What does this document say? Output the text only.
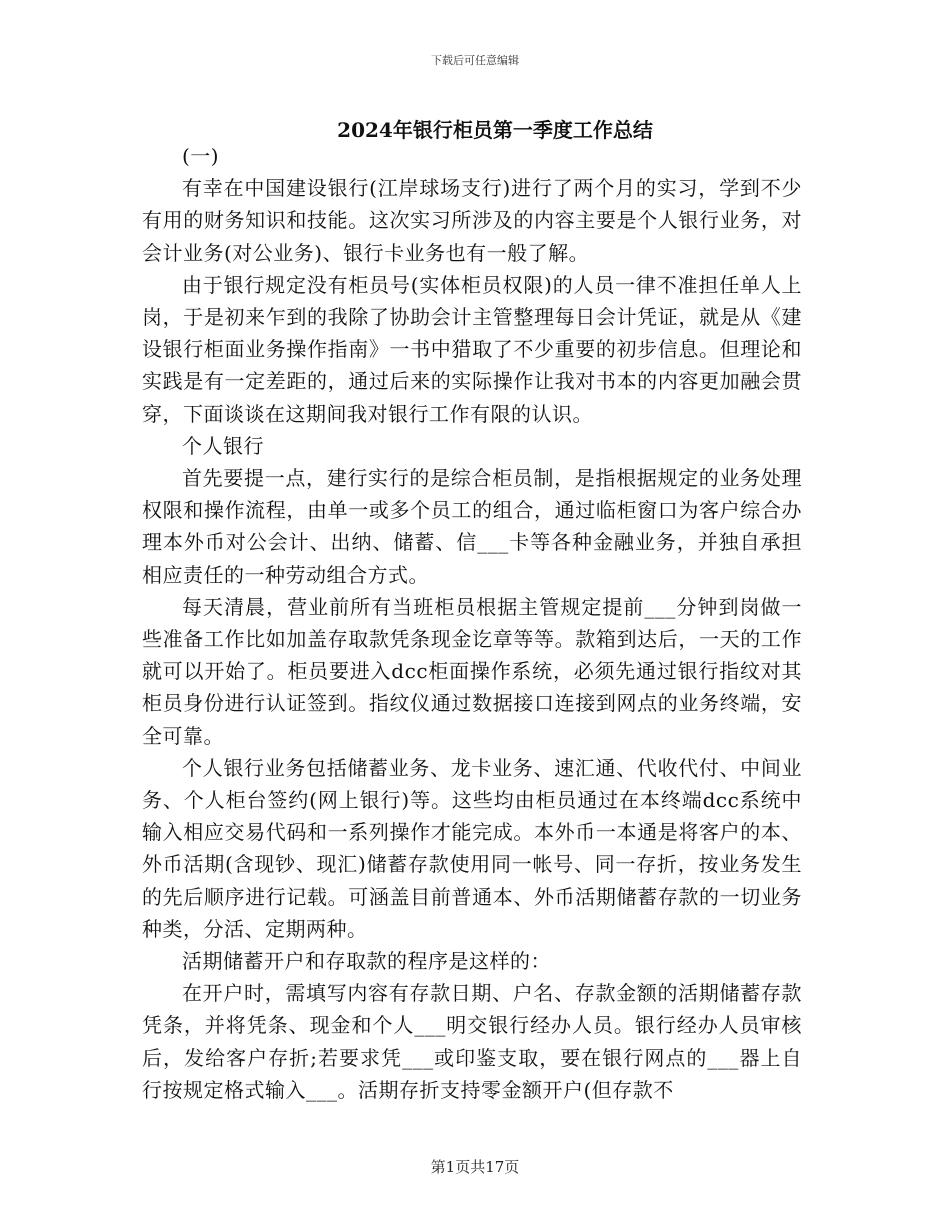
下载后可任意编辑
2024年银行柜员第一季度工作总结

(一)

有幸在中国建设银行(江岸球场支行)进行了两个月的实习，学到不少有用的财务知识和技能。这次实习所涉及的内容主要是个人银行业务，对会计业务(对公业务)、银行卡业务也有一般了解。

由于银行规定没有柜员号(实体柜员权限)的人员一律不准担任单人上岗，于是初来乍到的我除了协助会计主管整理每日会计凭证，就是从《建设银行柜面业务操作指南》一书中猎取了不少重要的初步信息。但理论和实践是有一定差距的，通过后来的实际操作让我对书本的内容更加融会贯穿，下面谈谈在这期间我对银行工作有限的认识。

个人银行

首先要提一点，建行实行的是综合柜员制，是指根据规定的业务处理权限和操作流程，由单一或多个员工的组合，通过临柜窗口为客户综合办理本外币对公会计、出纳、储蓄、信___卡等各种金融业务，并独自承担相应责任的一种劳动组合方式。

每天清晨，营业前所有当班柜员根据主管规定提前___分钟到岗做一些准备工作比如加盖存取款凭条现金讫章等等。款箱到达后，一天的工作就可以开始了。柜员要进入dcc柜面操作系统，必须先通过银行指纹对其柜员身份进行认证签到。指纹仪通过数据接口连接到网点的业务终端，安全可靠。

个人银行业务包括储蓄业务、龙卡业务、速汇通、代收代付、中间业务、个人柜台签约(网上银行)等。这些均由柜员通过在本终端dcc系统中输入相应交易代码和一系列操作才能完成。本外币一本通是将客户的本、外币活期(含现钞、现汇)储蓄存款使用同一帐号、同一存折，按业务发生的先后顺序进行记载。可涵盖目前普通本、外币活期储蓄存款的一切业务种类，分活、定期两种。

活期储蓄开户和存取款的程序是这样的：

在开户时，需填写内容有存款日期、户名、存款金额的活期储蓄存款凭条，并将凭条、现金和个人___明交银行经办人员。银行经办人员审核后，发给客户存折;若要求凭___或印鉴支取，要在银行网点的___器上自行按规定格式输入___。活期存折支持零金额开户(但存款不

第1页共17页
